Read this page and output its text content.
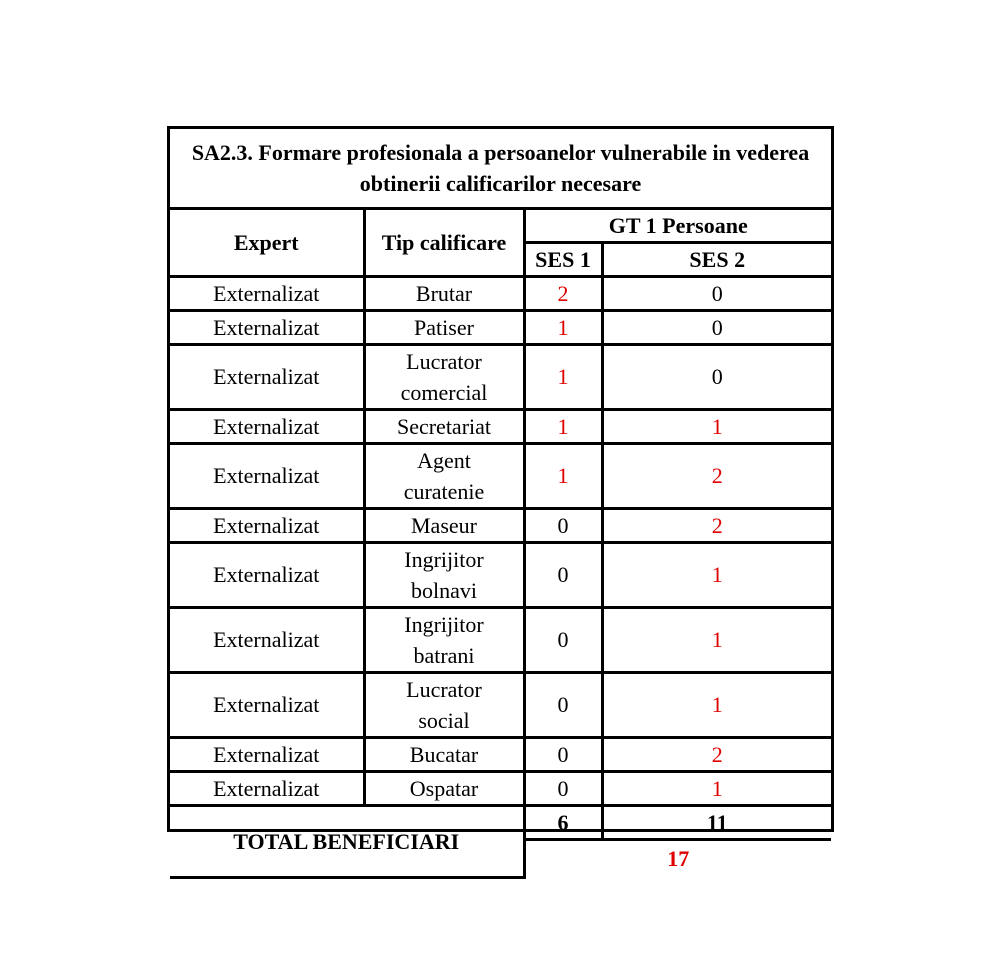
SA2.3. Formare profesionala a persoanelor vulnerabile in vederea obtinerii calificarilor necesare			
Expert	Tip calificare	GT 1 Persoane	
		SES 1	SES 2
Externalizat	Brutar	2	0
Externalizat	Patiser	1	0
Externalizat	Lucrator comercial	1	0
Externalizat	Secretariat	1	1
Externalizat	Agent curatenie	1	2
Externalizat	Maseur	0	2
Externalizat	Ingrijitor bolnavi	0	1
Externalizat	Ingrijitor batrani	0	1
Externalizat	Lucrator social	0	1
Externalizat	Bucatar	0	2
Externalizat	Ospatar	0	1
TOTAL BENEFICIARI		6	11
		17	
